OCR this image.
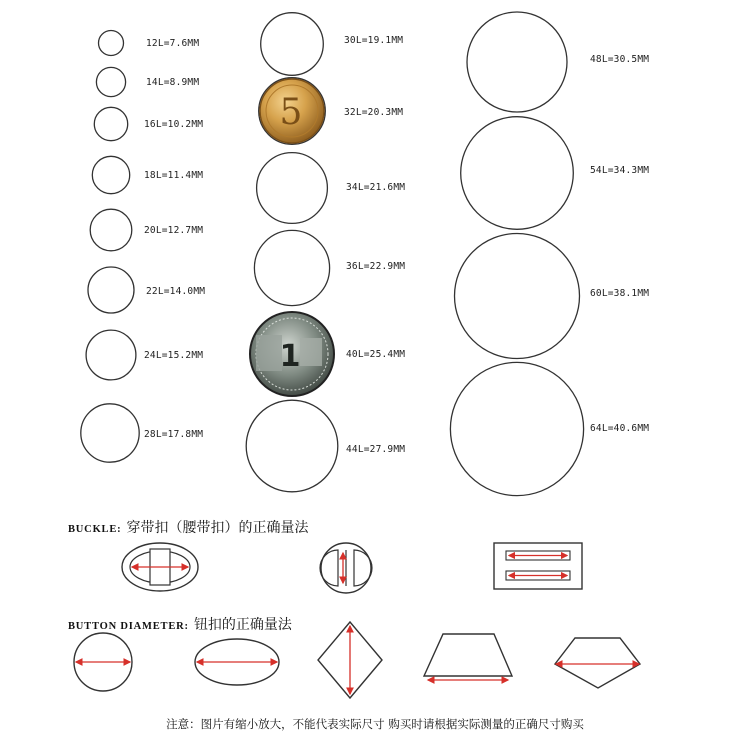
5
1
12L=7.6MM
14L=8.9MM
16L=10.2MM
18L=11.4MM
20L=12.7MM
22L=14.0MM
24L=15.2MM
28L=17.8MM
30L=19.1MM
32L=20.3MM
34L=21.6MM
36L=22.9MM
40L=25.4MM
44L=27.9MM
48L=30.5MM
54L=34.3MM
60L=38.1MM
64L=40.6MM
BUCKLE: 穿带扣（腰带扣）的正确量法
BUTTON DIAMETER: 钮扣的正确量法
注意：图片有缩小放大，不能代表实际尺寸 购买时请根据实际测量的正确尺寸购买
